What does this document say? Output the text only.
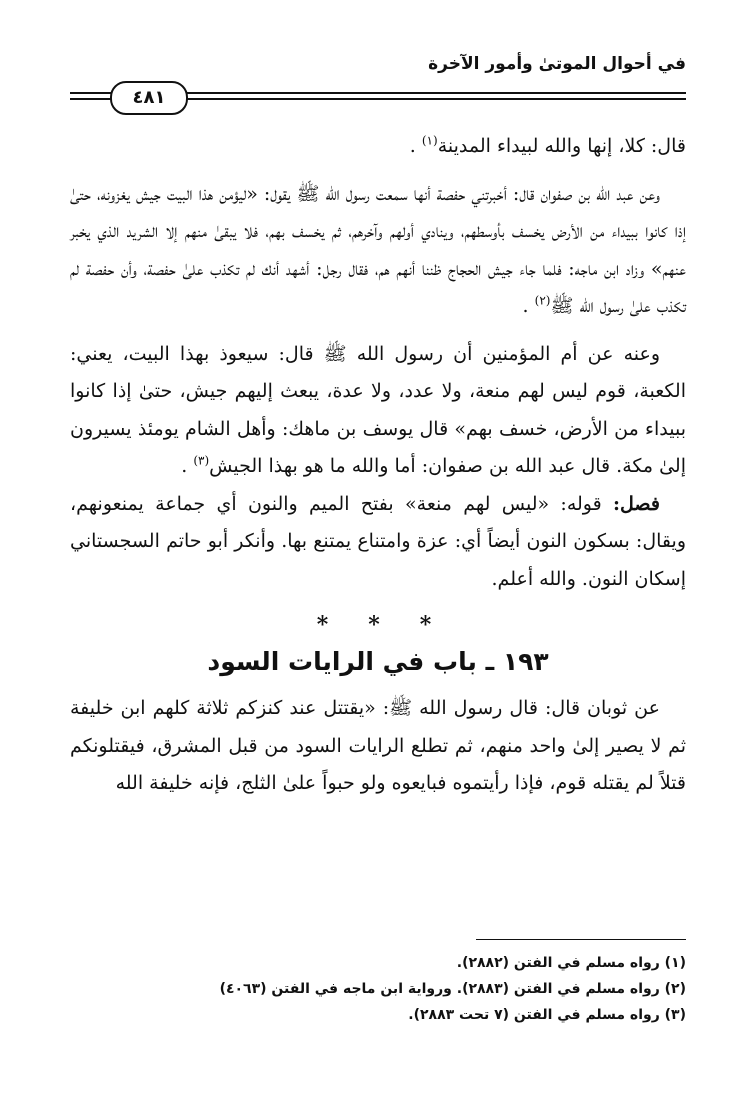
في أحوال الموتىٰ وأمور الآخرة
٤٨١

قال: كلا، إنها والله لبيداء المدينة$^{(١)}$ .

وعن عبد الله بن صفوان قال: أخبرتني حفصة أنها سمعت رسول الله ﷺ يقول: «ليؤمن هذا البيت جيش يغزونه، حتىٰ إذا كانوا ببيداء من الأرض يخسف بأوسطهم، وينادي أولهم وآخرهم، ثم يخسف بهم، فلا يبقىٰ منهم إلا الشريد الذي يخبر عنهم» وزاد ابن ماجه: فلما جاء جيش الحجاج ظننا أنهم هم، فقال رجل: أشهد أنك لم تكذب علىٰ حفصة، وأن حفصة لم تكذب علىٰ رسول الله ﷺ$^{(٢)}$ .

وعنه عن أم المؤمنين أن رسول الله ﷺ قال: سيعوذ بهذا البيت، يعني: الكعبة، قوم ليس لهم منعة، ولا عدد، ولا عدة، يبعث إليهم جيش، حتىٰ إذا كانوا ببيداء من الأرض، خسف بهم» قال يوسف بن ماهك: وأهل الشام يومئذ يسيرون إلىٰ مكة. قال عبد الله بن صفوان: أما والله ما هو بهذا الجيش$^{(٣)}$ .

فصل: قوله: «ليس لهم منعة» بفتح الميم والنون أي جماعة يمنعونهم، ويقال: بسكون النون أيضاً أي: عزة وامتناع يمتنع بها. وأنكر أبو حاتم السجستاني إسكان النون. والله أعلم.

***
١٩٣ ـ باب في الرايات السود

عن ثوبان قال: قال رسول الله ﷺ: «يقتتل عند كنزكم ثلاثة كلهم ابن خليفة ثم لا يصير إلىٰ واحد منهم، ثم تطلع الرايات السود من قبل المشرق، فيقتلونكم قتلاً لم يقتله قوم، فإذا رأيتموه فبايعوه ولو حبواً علىٰ الثلج، فإنه خليفة الله

(١) رواه مسلم في الفتن (٢٨٨٢).

(٢) رواه مسلم في الفتن (٢٨٨٣). ورواية ابن ماجه في الفتن (٤٠٦٣)

(٣) رواه مسلم في الفتن (٧ تحت ٢٨٨٣).
